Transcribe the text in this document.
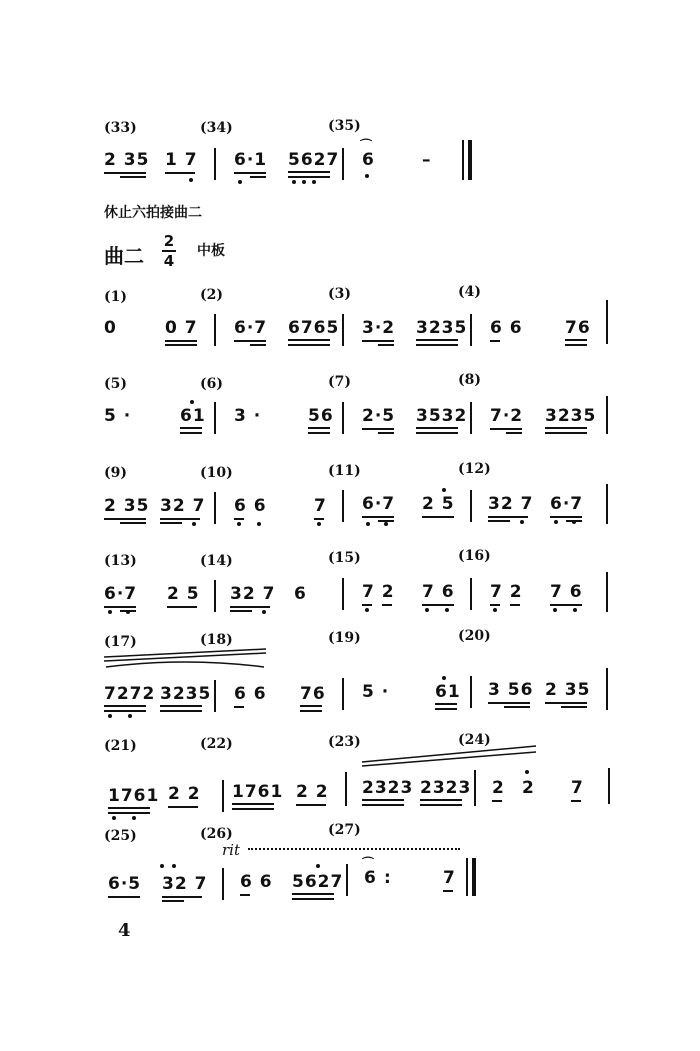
(33)	(34)	(35)
2 35 1 7 6·1 5627
⌒
6	–
休止六拍接曲二
曲二
2
4
中板
(1)	(2)	(3)	(4)
0	0 7 6·7 6765 3·2 3235 6 6 76
(5)	(6)	(7)	(8)
5 ·	61 3 ·	56 2·5 3532 7·2 3235
(9)	(10)	(11)	(12)
2 35 32 7 6 6	7 6·7 2 5 32 7 6·7
(13)	(14)	(15)	(16)
6·7 2 5 32 7 6	7 2 7 6 7 2 7 6
(17)	(18)	(19)	(20)
7272 3235 6 6 76 5 ·	61 3 56 2 35
(21)	(22)	(23)	(24)
1761 2 2 1761 2 2 2323 2323 2 2 7
(25)	(26)	(27)
rit
6·5 32 7 6 6 5627
⌒
6 :	7
4
